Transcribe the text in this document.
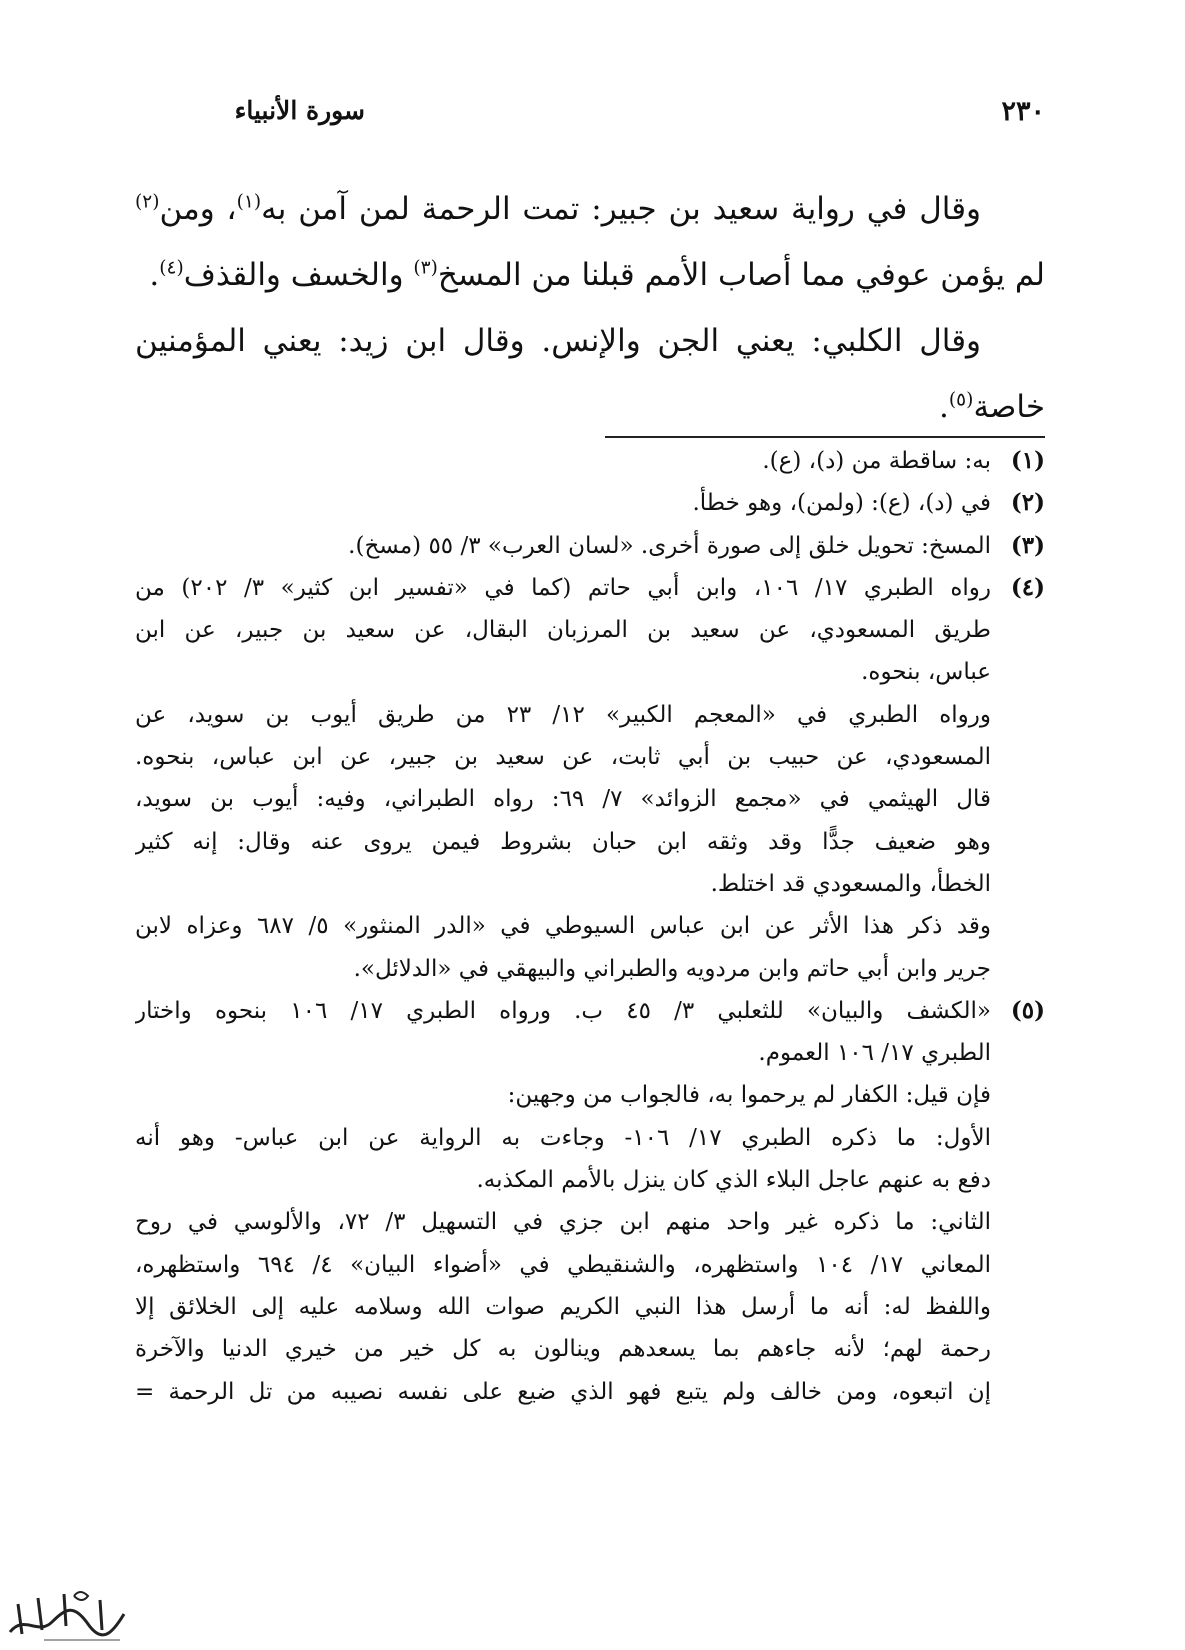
سورة الأنبياء	٢٣٠
وقال في رواية سعيد بن جبير: تمت الرحمة لمن آمن به$^{(١)}$، ومن$^{(٢)}$
لم يؤمن عوفي مما أصاب الأمم قبلنا من المسخ$^{(٣)}$ والخسف والقذف$^{(٤)}$.
وقال الكلبي: يعني الجن والإنس. وقال ابن زيد: يعني المؤمنين
خاصة$^{(٥)}$.
(١)
به: ساقطة من (د)، (ع).
(٢)
في (د)، (ع): (ولمن)، وهو خطأ.
(٣)
المسخ: تحويل خلق إلى صورة أخرى. «لسان العرب» ٣/ ٥٥ (مسخ).
(٤)
رواه الطبري ١٧/ ١٠٦، وابن أبي حاتم (كما في «تفسير ابن كثير» ٣/ ٢٠٢) من
طريق المسعودي، عن سعيد بن المرزبان البقال، عن سعيد بن جبير، عن ابن
عباس، بنحوه.
ورواه الطبري في «المعجم الكبير» ١٢/ ٢٣ من طريق أيوب بن سويد، عن
المسعودي، عن حبيب بن أبي ثابت، عن سعيد بن جبير، عن ابن عباس، بنحوه.
قال الهيثمي في «مجمع الزوائد» ٧/ ٦٩: رواه الطبراني، وفيه: أيوب بن سويد،
وهو ضعيف جدًّا وقد وثقه ابن حبان بشروط فيمن يروى عنه وقال: إنه كثير
الخطأ، والمسعودي قد اختلط.
وقد ذكر هذا الأثر عن ابن عباس السيوطي في «الدر المنثور» ٥/ ٦٨٧ وعزاه لابن
جرير وابن أبي حاتم وابن مردويه والطبراني والبيهقي في «الدلائل».
(٥)
«الكشف والبيان» للثعلبي ٣/ ٤٥ ب. ورواه الطبري ١٧/ ١٠٦ بنحوه واختار
الطبري ١٧/ ١٠٦ العموم.
فإن قيل: الكفار لم يرحموا به، فالجواب من وجهين:
الأول: ما ذكره الطبري ١٧/ ١٠٦- وجاءت به الرواية عن ابن عباس- وهو أنه
دفع به عنهم عاجل البلاء الذي كان ينزل بالأمم المكذبه.
الثاني: ما ذكره غير واحد منهم ابن جزي في التسهيل ٣/ ٧٢، والألوسي في روح
المعاني ١٧/ ١٠٤ واستظهره، والشنقيطي في «أضواء البيان» ٤/ ٦٩٤ واستظهره،
واللفظ له: أنه ما أرسل هذا النبي الكريم صوات الله وسلامه عليه إلى الخلائق إلا
رحمة لهم؛ لأنه جاءهم بما يسعدهم وينالون به كل خير من خيري الدنيا والآخرة
إن اتبعوه، ومن خالف ولم يتبع فهو الذي ضيع على نفسه نصيبه من تل الرحمة =
